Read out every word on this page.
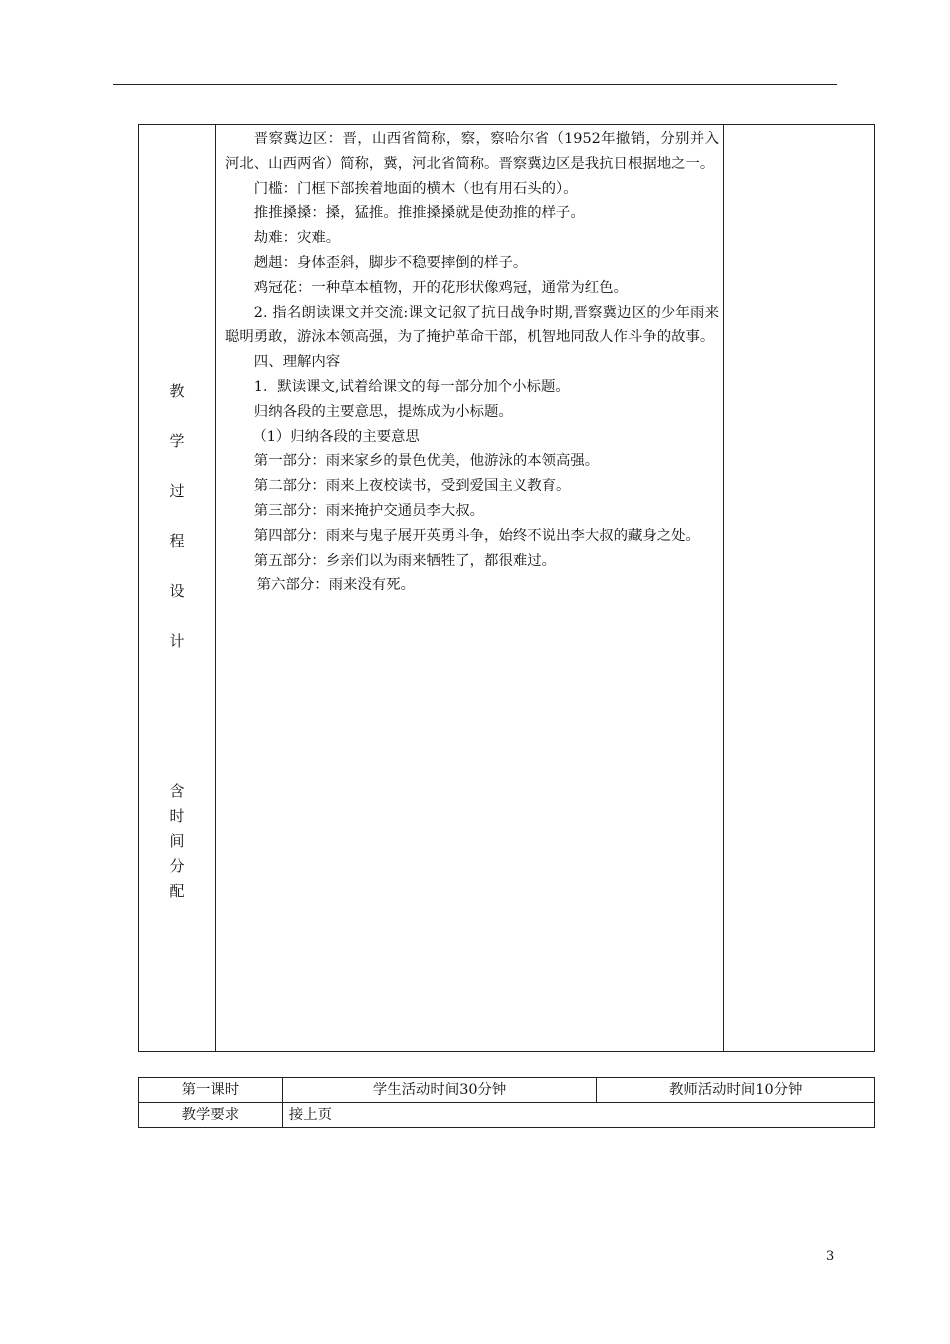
教
学
过
程
设
计
含
时
间
分
配

晋察冀边区：晋，山西省简称，察，察哈尔省（1952年撤销，分别并入河北、山西两省）简称，冀，河北省简称。晋察冀边区是我抗日根据地之一。

门槛：门框下部挨着地面的横木（也有用石头的）。

推推搡搡：搡，猛推。推推搡搡就是使劲推的样子。

劫难：灾难。

趔趄：身体歪斜，脚步不稳要摔倒的样子。

鸡冠花：一种草本植物，开的花形状像鸡冠，通常为红色。

2. 指名朗读课文并交流:课文记叙了抗日战争时期,晋察冀边区的少年雨来聪明勇敢，游泳本领高强，为了掩护革命干部，机智地同敌人作斗争的故事。

四、理解内容

1．默读课文,试着给课文的每一部分加个小标题。

归纳各段的主要意思，提炼成为小标题。

（1）归纳各段的主要意思

第一部分：雨来家乡的景色优美，他游泳的本领高强。

第二部分：雨来上夜校读书，受到爱国主义教育。

第三部分：雨来掩护交通员李大叔。

第四部分：雨来与鬼子展开英勇斗争，始终不说出李大叔的藏身之处。

第五部分：乡亲们以为雨来牺牲了，都很难过。

第六部分：雨来没有死。

第一课时	学生活动时间30分钟	教师活动时间10分钟
教学要求	接上页	
3
